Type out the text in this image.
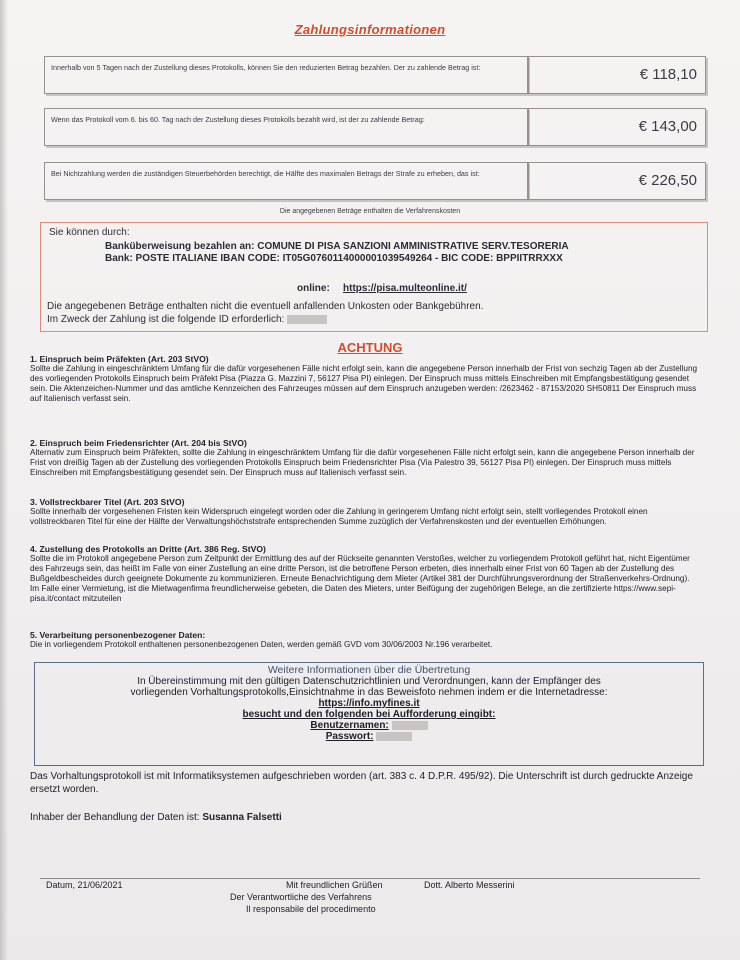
Zahlungsinformationen
Innerhalb von 5 Tagen nach der Zustellung dieses Protokolls, können Sie den reduzierten Betrag bezahlen. Der zu zahlende Betrag ist:	€ 118,10
Wenn das Protokoll vom 6. bis 60. Tag nach der Zustellung dieses Protokolls bezahlt wird, ist der zu zahlende Betrag:	€ 143,00
Bei Nichtzahlung werden die zuständigen Steuerbehörden berechtigt, die Hälfte des maximalen Betrags der Strafe zu erheben, das ist:	€ 226,50
Die angegebenen Beträge enthalten die Verfahrenskosten
Sie können durch:
Banküberweisung bezahlen an: COMUNE DI PISA SANZIONI AMMINISTRATIVE SERV.TESORERIA
Bank: POSTE ITALIANE IBAN CODE: IT05G0760114000001039549264 - BIC CODE: BPPIITRRXXX
online: https://pisa.multeonline.it/
Die angegebenen Beträge enthalten nicht die eventuell anfallenden Unkosten oder Bankgebühren.
Im Zweck der Zahlung ist die folgende ID erforderlich:
ACHTUNG
1. Einspruch beim Präfekten (Art. 203 StVO)
Sollte die Zahlung in eingeschränktem Umfang für die dafür vorgesehenen Fälle nicht erfolgt sein, kann die angegebene Person innerhalb der Frist von sechzig Tagen ab der Zustellung des vorliegenden Protokolls Einspruch beim Präfekt Pisa (Piazza G. Mazzini 7, 56127 Pisa PI) einlegen. Der Einspruch muss mittels Einschreiben mit Empfangsbestätigung gesendet sein. Die Aktenzeichen-Nummer und das amtliche Kennzeichen des Fahrzeuges müssen auf dem Einspruch anzugeben werden: /2623462 - 87153/2020 SH50811 Der Einspruch muss auf Italienisch verfasst sein.
2. Einspruch beim Friedensrichter (Art. 204 bis StVO)
Alternativ zum Einspruch beim Präfekten, sollte die Zahlung in eingeschränktem Umfang für die dafür vorgesehenen Fälle nicht erfolgt sein, kann die angegebene Person innerhalb der Frist von dreißig Tagen ab der Zustellung des vorliegenden Protokolls Einspruch beim Friedensrichter Pisa (Via Palestro 39, 56127 Pisa PI) einlegen. Der Einspruch muss mittels Einschreiben mit Empfangsbestätigung gesendet sein. Der Einspruch muss auf Italienisch verfasst sein.
3. Vollstreckbarer Titel (Art. 203 StVO)
Sollte innerhalb der vorgesehenen Fristen kein Widerspruch eingelegt worden oder die Zahlung in geringerem Umfang nicht erfolgt sein, stellt vorliegendes Protokoll einen vollstreckbaren Titel für eine der Hälfte der Verwaltungshöchststrafe entsprechenden Summe zuzüglich der Verfahrenskosten und der eventuellen Erhöhungen.
4. Zustellung des Protokolls an Dritte (Art. 386 Reg. StVO)
Sollte die im Protokoll angegebene Person zum Zeitpunkt der Ermittlung des auf der Rückseite genannten Verstoßes, welcher zu vorliegendem Protokoll geführt hat, nicht Eigentümer des Fahrzeugs sein, das heißt im Falle von einer Zustellung an eine dritte Person, ist die betroffene Person erbeten, dies innerhalb einer Frist von 60 Tagen ab der Zustellung des Bußgeldbescheides durch geeignete Dokumente zu kommunizieren. Erneute Benachrichtigung dem Mieter (Artikel 381 der Durchführungsverordnung der Straßenverkehrs-Ordnung). Im Falle einer Vermietung, ist die Mietwagenfirma freundlicherweise gebeten, die Daten des Mieters, unter Beifügung der zugehörigen Belege, an die zertifizierte https://www.sepi-pisa.it/contact mitzuteilen
5. Verarbeitung personenbezogener Daten:
Die in vorliegendem Protokoll enthaltenen personenbezogenen Daten, werden gemäß GVD vom 30/06/2003 Nr.196 verarbeitet.
Weitere Informationen über die Übertretung
In Übereinstimmung mit den gültigen Datenschutzrichtlinien und Verordnungen, kann der Empfänger des
vorliegenden Vorhaltungsprotokolls,Einsichtnahme in das Beweisfoto nehmen indem er die Internetadresse:
https://info.myfines.it
besucht und den folgenden bei Aufforderung eingibt:
Benutzernamen:
Passwort:
Das Vorhaltungsprotokoll ist mit Informatiksystemen aufgeschrieben worden (art. 383 c. 4 D.P.R. 495/92). Die Unterschrift ist durch gedruckte Anzeige ersetzt worden.
Inhaber der Behandlung der Daten ist: Susanna Falsetti
Datum, 21/06/2021	Mit freundlichen Grüßen
Der Verantwortliche des Verfahrens
Il responsabile del procedimento
Dott. Alberto Messerini
